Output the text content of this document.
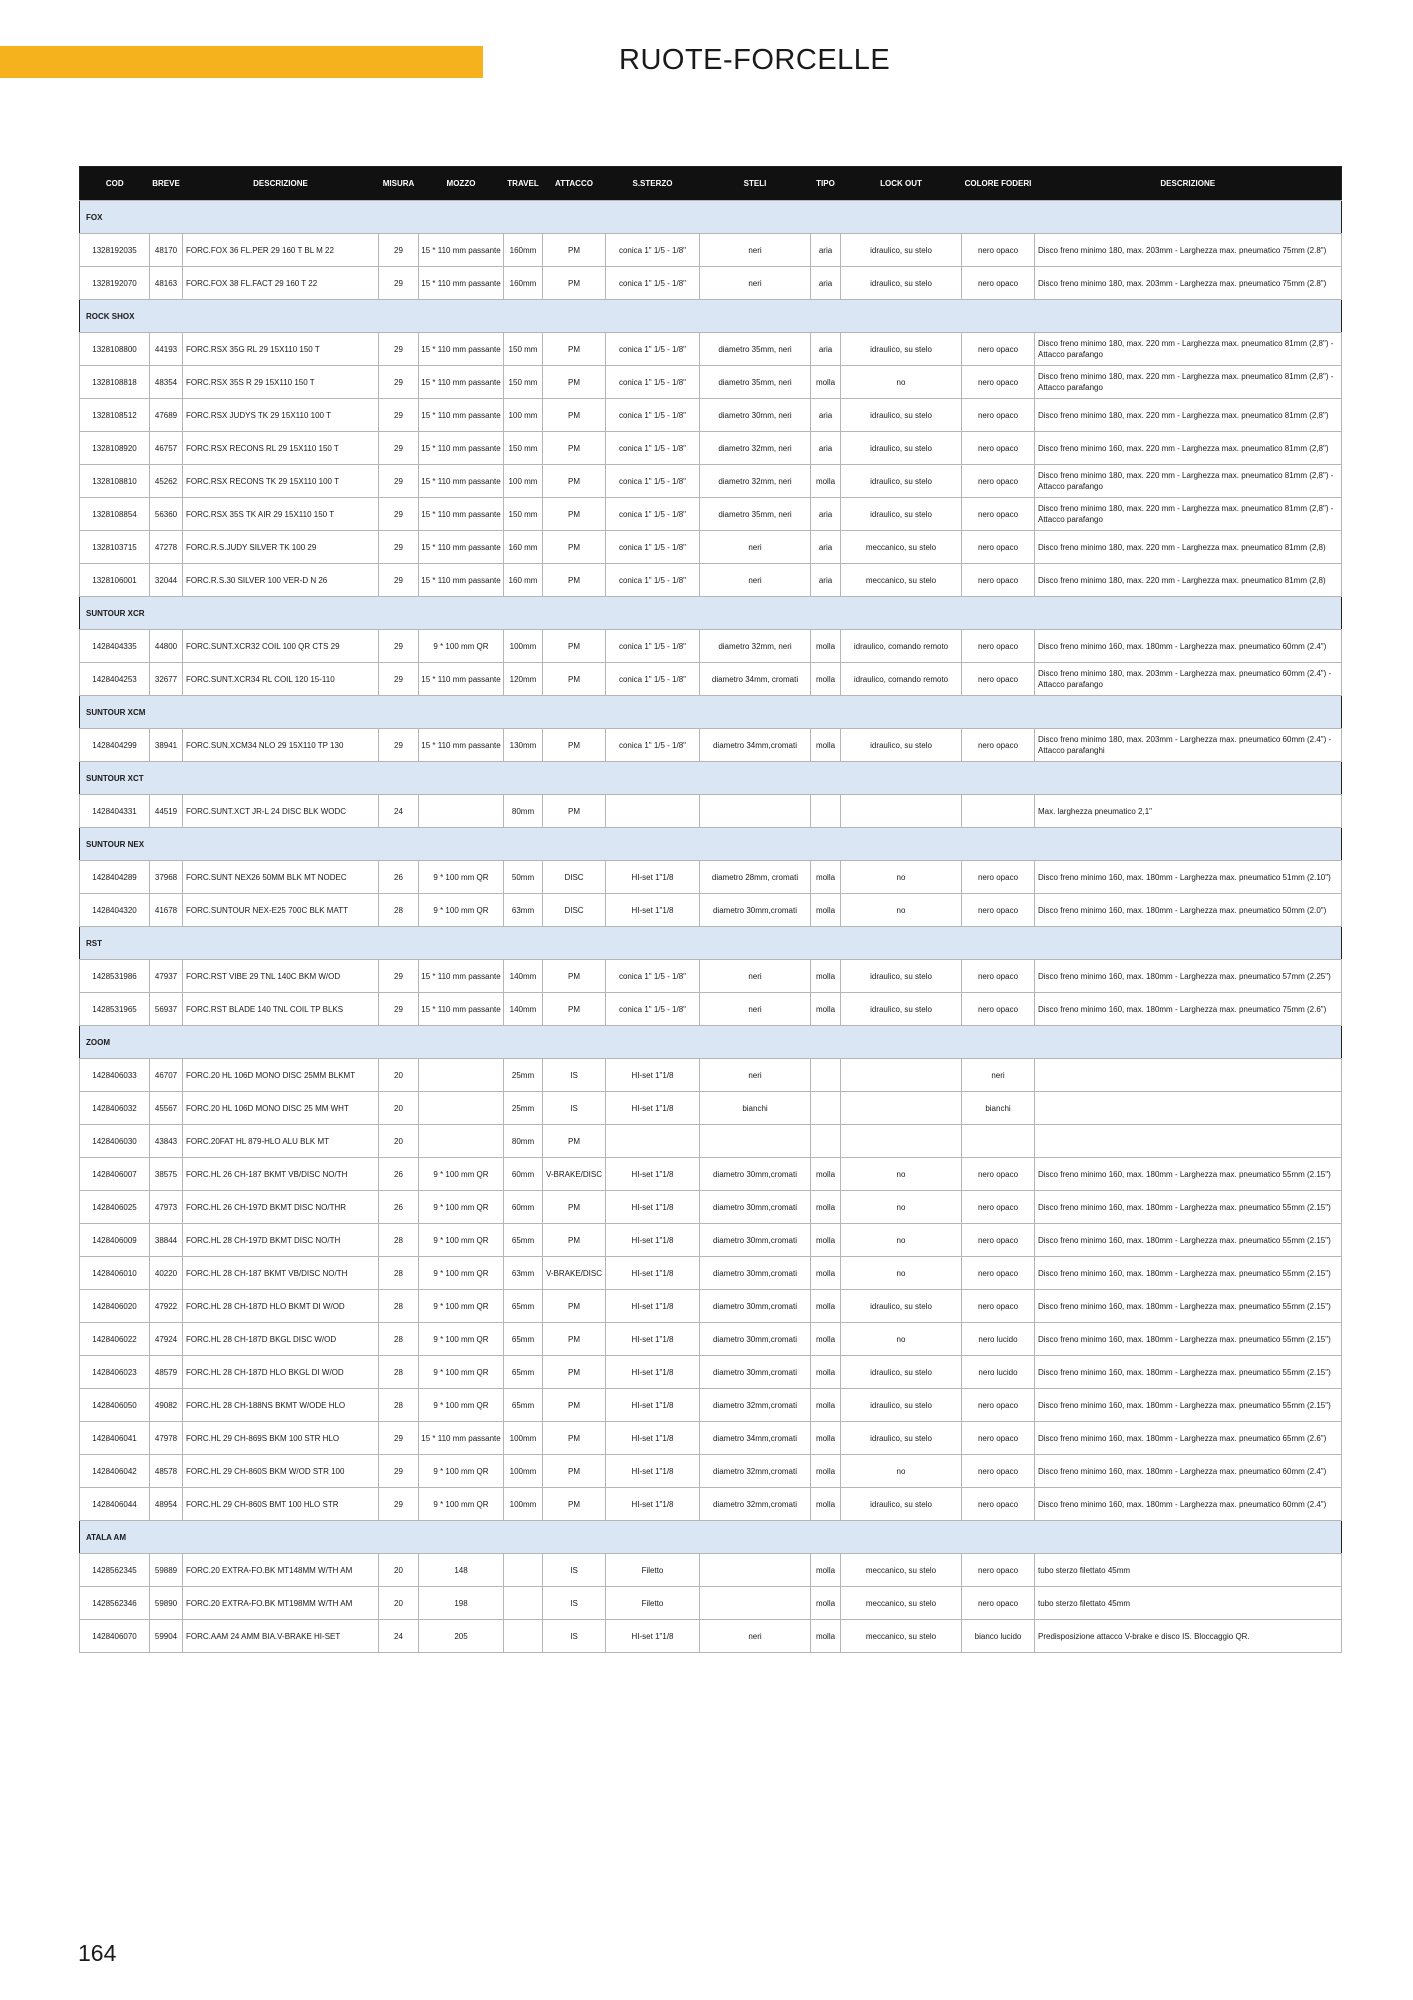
RUOTE-FORCELLE
COD	BREVE	DESCRIZIONE	MISURA	MOZZO	TRAVEL	ATTACCO	S.STERZO	STELI	TIPO	LOCK OUT	COLORE FODERI	DESCRIZIONE
FOX												
1328192035	48170	FORC.FOX 36 FL.PER 29 160 T BL M 22	29	15 * 110 mm passante	160mm	PM	conica 1" 1/5 - 1/8"	neri	aria	idraulico, su stelo	nero opaco	Disco freno minimo 180, max. 203mm - Larghezza max. pneumatico 75mm (2.8")
1328192070	48163	FORC.FOX 38 FL.FACT 29 160 T 22	29	15 * 110 mm passante	160mm	PM	conica 1" 1/5 - 1/8"	neri	aria	idraulico, su stelo	nero opaco	Disco freno minimo 180, max. 203mm - Larghezza max. pneumatico 75mm (2.8")
ROCK SHOX												
1328108800	44193	FORC.RSX 35G RL 29 15X110 150 T	29	15 * 110 mm passante	150 mm	PM	conica 1" 1/5 - 1/8"	diametro 35mm, neri	aria	idraulico, su stelo	nero opaco	Disco freno minimo 180, max. 220 mm - Larghezza max. pneumatico 81mm (2,8") - Attacco parafango
1328108818	48354	FORC.RSX 35S R 29 15X110 150 T	29	15 * 110 mm passante	150 mm	PM	conica 1" 1/5 - 1/8"	diametro 35mm, neri	molla	no	nero opaco	Disco freno minimo 180, max. 220 mm - Larghezza max. pneumatico 81mm (2,8") - Attacco parafango
1328108512	47689	FORC.RSX JUDYS TK 29 15X110 100 T	29	15 * 110 mm passante	100 mm	PM	conica 1" 1/5 - 1/8"	diametro 30mm, neri	aria	idraulico, su stelo	nero opaco	Disco freno minimo 180, max. 220 mm - Larghezza max. pneumatico 81mm (2,8")
1328108920	46757	FORC.RSX RECONS RL 29 15X110 150 T	29	15 * 110 mm passante	150 mm	PM	conica 1" 1/5 - 1/8"	diametro 32mm, neri	aria	idraulico, su stelo	nero opaco	Disco freno minimo 160, max. 220 mm - Larghezza max. pneumatico 81mm (2,8")
1328108810	45262	FORC.RSX RECONS TK 29 15X110 100 T	29	15 * 110 mm passante	100 mm	PM	conica 1" 1/5 - 1/8"	diametro 32mm, neri	molla	idraulico, su stelo	nero opaco	Disco freno minimo 180, max. 220 mm - Larghezza max. pneumatico 81mm (2,8") - Attacco parafango
1328108854	56360	FORC.RSX 35S TK AIR 29 15X110 150 T	29	15 * 110 mm passante	150 mm	PM	conica 1" 1/5 - 1/8"	diametro 35mm, neri	aria	idraulico, su stelo	nero opaco	Disco freno minimo 180, max. 220 mm - Larghezza max. pneumatico 81mm (2,8") - Attacco parafango
1328103715	47278	FORC.R.S.JUDY SILVER TK 100 29	29	15 * 110 mm passante	160 mm	PM	conica 1" 1/5 - 1/8"	neri	aria	meccanico, su stelo	nero opaco	Disco freno minimo 180, max. 220 mm - Larghezza max. pneumatico 81mm (2,8)
1328106001	32044	FORC.R.S.30 SILVER 100 VER-D N 26	29	15 * 110 mm passante	160 mm	PM	conica 1" 1/5 - 1/8"	neri	aria	meccanico, su stelo	nero opaco	Disco freno minimo 180, max. 220 mm - Larghezza max. pneumatico 81mm (2,8)
SUNTOUR XCR												
1428404335	44800	FORC.SUNT.XCR32 COIL 100 QR CTS 29	29	9 * 100 mm QR	100mm	PM	conica 1" 1/5 - 1/8"	diametro 32mm, neri	molla	idraulico, comando remoto	nero opaco	Disco freno minimo 160, max. 180mm - Larghezza max. pneumatico 60mm (2.4")
1428404253	32677	FORC.SUNT.XCR34 RL COIL 120 15-110	29	15 * 110 mm passante	120mm	PM	conica 1" 1/5 - 1/8"	diametro 34mm, cromati	molla	idraulico, comando remoto	nero opaco	Disco freno minimo 180, max. 203mm - Larghezza max. pneumatico 60mm (2.4") - Attacco parafango
SUNTOUR XCM												
1428404299	38941	FORC.SUN.XCM34 NLO 29 15X110 TP 130	29	15 * 110 mm passante	130mm	PM	conica 1" 1/5 - 1/8"	diametro 34mm,cromati	molla	idraulico, su stelo	nero opaco	Disco freno minimo 180, max. 203mm - Larghezza max. pneumatico 60mm (2.4") - Attacco parafanghi
SUNTOUR XCT												
1428404331	44519	FORC.SUNT.XCT JR-L 24 DISC BLK WODC	24		80mm	PM						Max. larghezza pneumatico 2,1"
SUNTOUR NEX												
1428404289	37968	FORC.SUNT NEX26 50MM BLK MT NODEC	26	9 * 100 mm QR	50mm	DISC	HI-set 1"1/8	diametro 28mm, cromati	molla	no	nero opaco	Disco freno minimo 160, max. 180mm - Larghezza max. pneumatico 51mm (2.10")
1428404320	41678	FORC.SUNTOUR NEX-E25 700C BLK MATT	28	9 * 100 mm QR	63mm	DISC	HI-set 1"1/8	diametro 30mm,cromati	molla	no	nero opaco	Disco freno minimo 160, max. 180mm - Larghezza max. pneumatico 50mm (2.0")
RST												
1428531986	47937	FORC.RST VIBE 29 TNL 140C BKM W/OD	29	15 * 110 mm passante	140mm	PM	conica 1" 1/5 - 1/8"	neri	molla	idraulico, su stelo	nero opaco	Disco freno minimo 160, max. 180mm - Larghezza max. pneumatico 57mm (2.25")
1428531965	56937	FORC.RST BLADE 140 TNL COIL TP BLKS	29	15 * 110 mm passante	140mm	PM	conica 1" 1/5 - 1/8"	neri	molla	idraulico, su stelo	nero opaco	Disco freno minimo 160, max. 180mm - Larghezza max. pneumatico 75mm (2.6")
ZOOM												
1428406033	46707	FORC.20 HL 106D MONO DISC 25MM BLKMT	20		25mm	IS	HI-set 1"1/8	neri			neri	
1428406032	45567	FORC.20 HL 106D MONO DISC 25 MM WHT	20		25mm	IS	HI-set 1"1/8	bianchi			bianchi	
1428406030	43843	FORC.20FAT HL 879-HLO ALU BLK MT	20		80mm	PM						
1428406007	38575	FORC.HL 26 CH-187 BKMT VB/DISC NO/TH	26	9 * 100 mm QR	60mm	V-BRAKE/DISC	HI-set 1"1/8	diametro 30mm,cromati	molla	no	nero opaco	Disco freno minimo 160, max. 180mm - Larghezza max. pneumatico 55mm (2.15")
1428406025	47973	FORC.HL 26 CH-197D BKMT DISC NO/THR	26	9 * 100 mm QR	60mm	PM	HI-set 1"1/8	diametro 30mm,cromati	molla	no	nero opaco	Disco freno minimo 160, max. 180mm - Larghezza max. pneumatico 55mm (2.15")
1428406009	38844	FORC.HL 28 CH-197D BKMT DISC NO/TH	28	9 * 100 mm QR	65mm	PM	HI-set 1"1/8	diametro 30mm,cromati	molla	no	nero opaco	Disco freno minimo 160, max. 180mm - Larghezza max. pneumatico 55mm (2.15")
1428406010	40220	FORC.HL 28 CH-187 BKMT VB/DISC NO/TH	28	9 * 100 mm QR	63mm	V-BRAKE/DISC	HI-set 1"1/8	diametro 30mm,cromati	molla	no	nero opaco	Disco freno minimo 160, max. 180mm - Larghezza max. pneumatico 55mm (2.15")
1428406020	47922	FORC.HL 28 CH-187D HLO BKMT DI W/OD	28	9 * 100 mm QR	65mm	PM	HI-set 1"1/8	diametro 30mm,cromati	molla	idraulico, su stelo	nero opaco	Disco freno minimo 160, max. 180mm - Larghezza max. pneumatico 55mm (2.15")
1428406022	47924	FORC.HL 28 CH-187D BKGL DISC W/OD	28	9 * 100 mm QR	65mm	PM	HI-set 1"1/8	diametro 30mm,cromati	molla	no	nero lucido	Disco freno minimo 160, max. 180mm - Larghezza max. pneumatico 55mm (2.15")
1428406023	48579	FORC.HL 28 CH-187D HLO BKGL DI W/OD	28	9 * 100 mm QR	65mm	PM	HI-set 1"1/8	diametro 30mm,cromati	molla	idraulico, su stelo	nero lucido	Disco freno minimo 160, max. 180mm - Larghezza max. pneumatico 55mm (2.15")
1428406050	49082	FORC.HL 28 CH-188NS BKMT W/ODE HLO	28	9 * 100 mm QR	65mm	PM	HI-set 1"1/8	diametro 32mm,cromati	molla	idraulico, su stelo	nero opaco	Disco freno minimo 160, max. 180mm - Larghezza max. pneumatico 55mm (2.15")
1428406041	47978	FORC.HL 29 CH-869S BKM 100 STR HLO	29	15 * 110 mm passante	100mm	PM	HI-set 1"1/8	diametro 34mm,cromati	molla	idraulico, su stelo	nero opaco	Disco freno minimo 160, max. 180mm - Larghezza max. pneumatico 65mm (2.6")
1428406042	48578	FORC.HL 29 CH-860S BKM W/OD STR 100	29	9 * 100 mm QR	100mm	PM	HI-set 1"1/8	diametro 32mm,cromati	molla	no	nero opaco	Disco freno minimo 160, max. 180mm - Larghezza max. pneumatico 60mm (2.4")
1428406044	48954	FORC.HL 29 CH-860S BMT 100 HLO STR	29	9 * 100 mm QR	100mm	PM	HI-set 1"1/8	diametro 32mm,cromati	molla	idraulico, su stelo	nero opaco	Disco freno minimo 160, max. 180mm - Larghezza max. pneumatico 60mm (2.4")
ATALA AM												
1428562345	59889	FORC.20 EXTRA-FO.BK MT148MM W/TH AM	20	148		IS	Filetto		molla	meccanico, su stelo	nero opaco	tubo sterzo filettato 45mm
1428562346	59890	FORC.20 EXTRA-FO.BK MT198MM W/TH AM	20	198		IS	Filetto		molla	meccanico, su stelo	nero opaco	tubo sterzo filettato 45mm
1428406070	59904	FORC.AAM 24 AMM BIA.V-BRAKE HI-SET	24	205		IS	HI-set 1"1/8	neri	molla	meccanico, su stelo	bianco lucido	Predisposizione attacco V-brake e disco IS. Bloccaggio QR.
164
